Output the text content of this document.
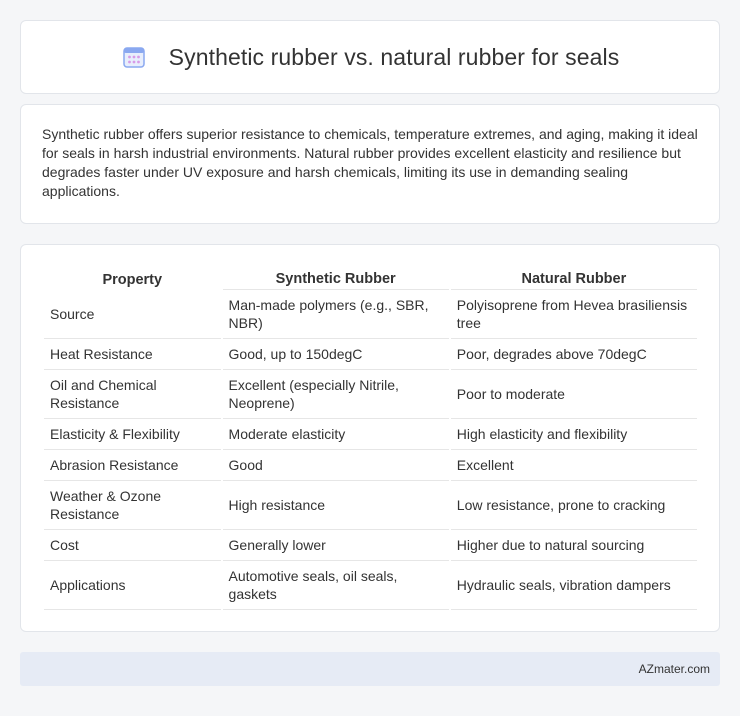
Synthetic rubber vs. natural rubber for seals

Synthetic rubber offers superior resistance to chemicals, temperature extremes, and aging, making it ideal for seals in harsh industrial environments. Natural rubber provides excellent elasticity and resilience but degrades faster under UV exposure and harsh chemicals, limiting its use in demanding sealing applications.

Property	Synthetic Rubber	Natural Rubber
Source	Man-made polymers (e.g., SBR, NBR)	Polyisoprene from Hevea brasiliensis tree
Heat Resistance	Good, up to 150degC	Poor, degrades above 70degC
Oil and Chemical Resistance	Excellent (especially Nitrile, Neoprene)	Poor to moderate
Elasticity & Flexibility	Moderate elasticity	High elasticity and flexibility
Abrasion Resistance	Good	Excellent
Weather & Ozone Resistance	High resistance	Low resistance, prone to cracking
Cost	Generally lower	Higher due to natural sourcing
Applications	Automotive seals, oil seals, gaskets	Hydraulic seals, vibration dampers
AZmater.com
